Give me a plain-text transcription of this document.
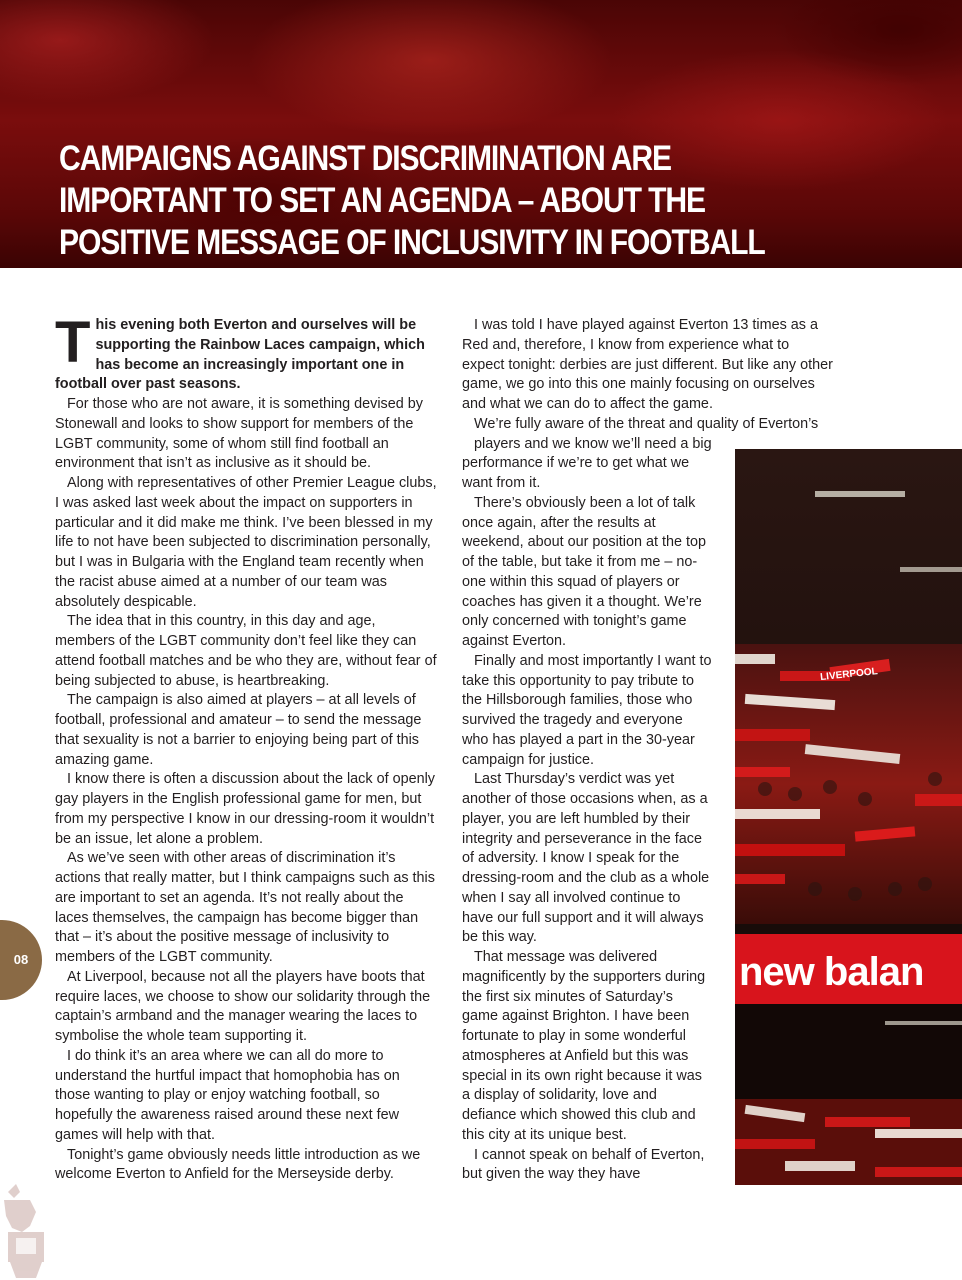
CAMPAIGNS AGAINST DISCRIMINATION ARE IMPORTANT TO SET AN AGENDA – ABOUT THE POSITIVE MESSAGE OF INCLUSIVITY IN FOOTBALL

This evening both Everton and ourselves will be supporting the Rainbow Laces campaign, which has become an increasingly important one in football over past seasons.

For those who are not aware, it is something devised by Stonewall and looks to show support for members of the LGBT community, some of whom still find football an environment that isn’t as inclusive as it should be.

Along with representatives of other Premier League clubs, I was asked last week about the impact on supporters in particular and it did make me think. I’ve been blessed in my life to not have been subjected to discrimination personally, but I was in Bulgaria with the England team recently when the racist abuse aimed at a number of our team was absolutely despicable.

The idea that in this country, in this day and age, members of the LGBT community don’t feel like they can attend football matches and be who they are, without fear of being subjected to abuse, is heartbreaking.

The campaign is also aimed at players – at all levels of football, professional and amateur – to send the message that sexuality is not a barrier to enjoying being part of this amazing game.

I know there is often a discussion about the lack of openly gay players in the English professional game for men, but from my perspective I know in our dressing-room it wouldn’t be an issue, let alone a problem.

As we’ve seen with other areas of discrimination it’s actions that really matter, but I think campaigns such as this are important to set an agenda. It’s not really about the laces themselves, the campaign has become bigger than that – it’s about the positive message of inclusivity to members of the LGBT community.

At Liverpool, because not all the players have boots that require laces, we choose to show our solidarity through the captain’s armband and the manager wearing the laces to symbolise the whole team supporting it.

I do think it’s an area where we can all do more to understand the hurtful impact that homophobia has on those wanting to play or enjoy watching football, so hopefully the awareness raised around these next few games will help with that.

Tonight’s game obviously needs little introduction as we welcome Everton to Anfield for the Merseyside derby.

I was told I have played against Everton 13 times as a Red and, therefore, I know from experience what to expect tonight: derbies are just different. But like any other game, we go into this one mainly focusing on ourselves and what we can do to affect the game.

We’re fully aware of the threat and quality of Everton’s
players and we know we’ll need a big performance if we’re to get what we want from it.

There’s obviously been a lot of talk once again, after the results at weekend, about our position at the top of the table, but take it from me – no-one within this squad of players or coaches has given it a thought. We’re only concerned with tonight’s game against Everton.

Finally and most importantly I want to take this opportunity to pay tribute to the Hillsborough families, those who survived the tragedy and everyone who has played a part in the 30-year campaign for justice.

Last Thursday’s verdict was yet another of those occasions when, as a player, you are left humbled by their integrity and perseverance in the face of adversity. I know I speak for the dressing-room and the club as a whole when I say all involved continue to have our full support and it will always be this way.

That message was delivered magnificently by the supporters during the first six minutes of Saturday’s game against Brighton. I have been fortunate to play in some wonderful atmospheres at Anfield but this was special in its own right because it was a display of solidarity, love and defiance which showed this club and this city at its unique best.

I cannot speak on behalf of Everton, but given the way they have

LIVERPOOL
new balan
08
